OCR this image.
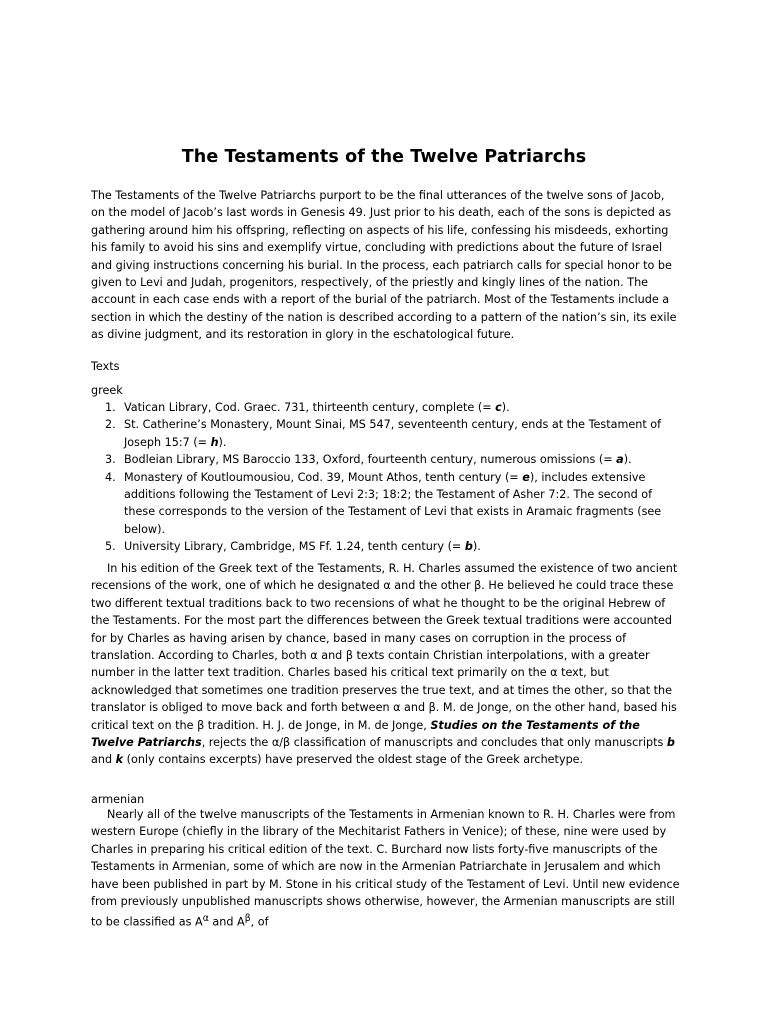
The Testaments of the Twelve Patriarchs

The Testaments of the Twelve Patriarchs purport to be the final utterances of the twelve sons of Jacob, on the model of Jacob’s last words in Genesis 49. Just prior to his death, each of the sons is depicted as gathering around him his offspring, reflecting on aspects of his life, confessing his misdeeds, exhorting his family to avoid his sins and exemplify virtue, concluding with predictions about the future of Israel and giving instructions concerning his burial. In the process, each patriarch calls for special honor to be given to Levi and Judah, progenitors, respectively, of the priestly and kingly lines of the nation. The account in each case ends with a report of the burial of the patriarch. Most of the Testaments include a section in which the destiny of the nation is described according to a pattern of the nation’s sin, its exile as divine judgment, and its restoration in glory in the eschatological future.

Texts
greek
1. Vatican Library, Cod. Graec. 731, thirteenth century, complete (= c).
2. St. Catherine’s Monastery, Mount Sinai, MS 547, seventeenth century, ends at the Testament of Joseph 15:7 (= h).
3. Bodleian Library, MS Baroccio 133, Oxford, fourteenth century, numerous omissions (= a).
4. Monastery of Koutloumousiou, Cod. 39, Mount Athos, tenth century (= e), includes extensive additions following the Testament of Levi 2:3; 18:2; the Testament of Asher 7:2. The second of these corresponds to the version of the Testament of Levi that exists in Aramaic fragments (see below).
5. University Library, Cambridge, MS Ff. 1.24, tenth century (= b).

In his edition of the Greek text of the Testaments, R. H. Charles assumed the existence of two ancient recensions of the work, one of which he designated α and the other β. He believed he could trace these two different textual traditions back to two recensions of what he thought to be the original Hebrew of the Testaments. For the most part the differences between the Greek textual traditions were accounted for by Charles as having arisen by chance, based in many cases on corruption in the process of translation. According to Charles, both α and β texts contain Christian interpolations, with a greater number in the latter text tradition. Charles based his critical text primarily on the α text, but acknowledged that sometimes one tradition preserves the true text, and at times the other, so that the translator is obliged to move back and forth between α and β. M. de Jonge, on the other hand, based his critical text on the β tradition. H. J. de Jonge, in M. de Jonge, Studies on the Testaments of the Twelve Patriarchs, rejects the α/β classification of manuscripts and concludes that only manuscripts b and k (only contains excerpts) have preserved the oldest stage of the Greek archetype.

armenian

Nearly all of the twelve manuscripts of the Testaments in Armenian known to R. H. Charles were from western Europe (chiefly in the library of the Mechitarist Fathers in Venice); of these, nine were used by Charles in preparing his critical edition of the text. C. Burchard now lists forty-five manuscripts of the Testaments in Armenian, some of which are now in the Armenian Patriarchate in Jerusalem and which have been published in part by M. Stone in his critical study of the Testament of Levi. Until new evidence from previously unpublished manuscripts shows otherwise, however, the Armenian manuscripts are still to be classified as $A^\alpha$ and $A^\beta$, of
